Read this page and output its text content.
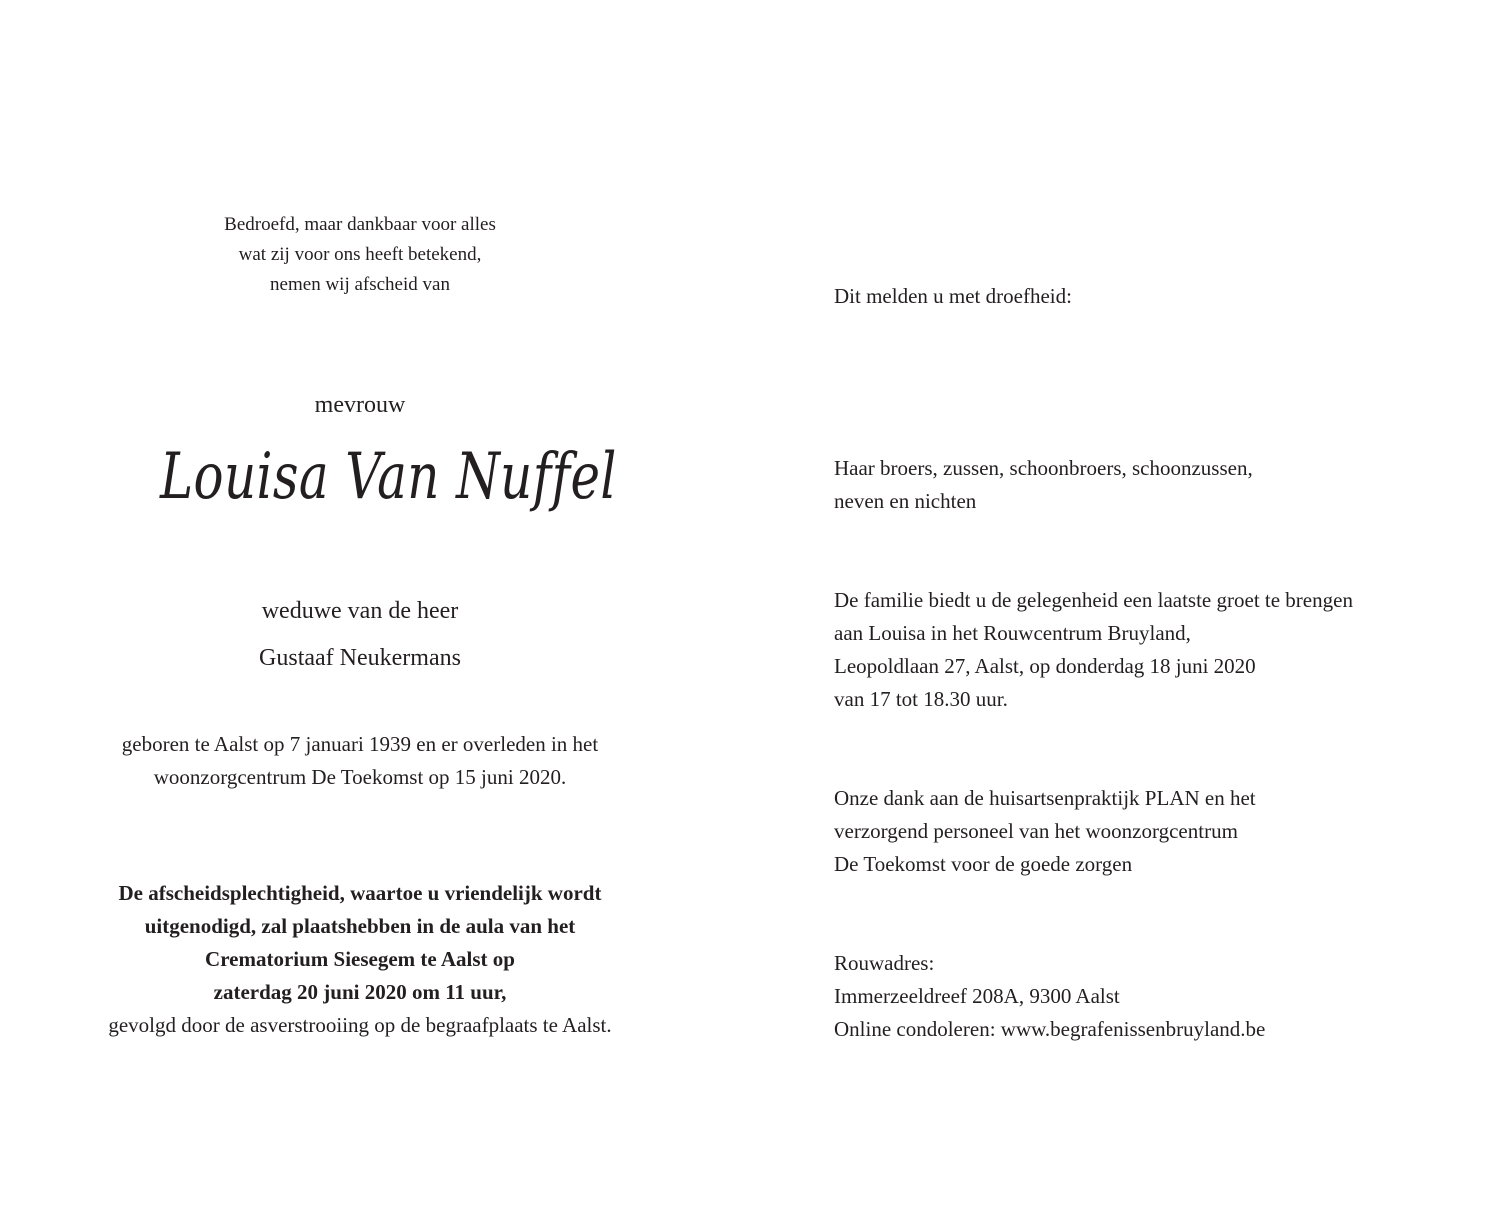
Bedroefd, maar dankbaar voor alles
wat zij voor ons heeft betekend,
nemen wij afscheid van
mevrouw
Louisa Van Nuffel
weduwe van de heer
Gustaaf Neukermans
geboren te Aalst op 7 januari 1939 en er overleden in het
woonzorgcentrum De Toekomst op 15 juni 2020.
De afscheidsplechtigheid, waartoe u vriendelijk wordt
uitgenodigd, zal plaatshebben in de aula van het
Crematorium Siesegem te Aalst op
zaterdag 20 juni 2020 om 11 uur,
gevolgd door de asverstrooiing op de begraafplaats te Aalst.
Dit melden u met droefheid:
Haar broers, zussen, schoonbroers, schoonzussen,
neven en nichten
De familie biedt u de gelegenheid een laatste groet te brengen
aan Louisa in het Rouwcentrum Bruyland,
Leopoldlaan 27, Aalst, op donderdag 18 juni 2020
van 17 tot 18.30 uur.
Onze dank aan de huisartsenpraktijk PLAN en het
verzorgend personeel van het woonzorgcentrum
De Toekomst voor de goede zorgen
Rouwadres:
Immerzeeldreef 208A, 9300 Aalst
Online condoleren: www.begrafenissenbruyland.be
